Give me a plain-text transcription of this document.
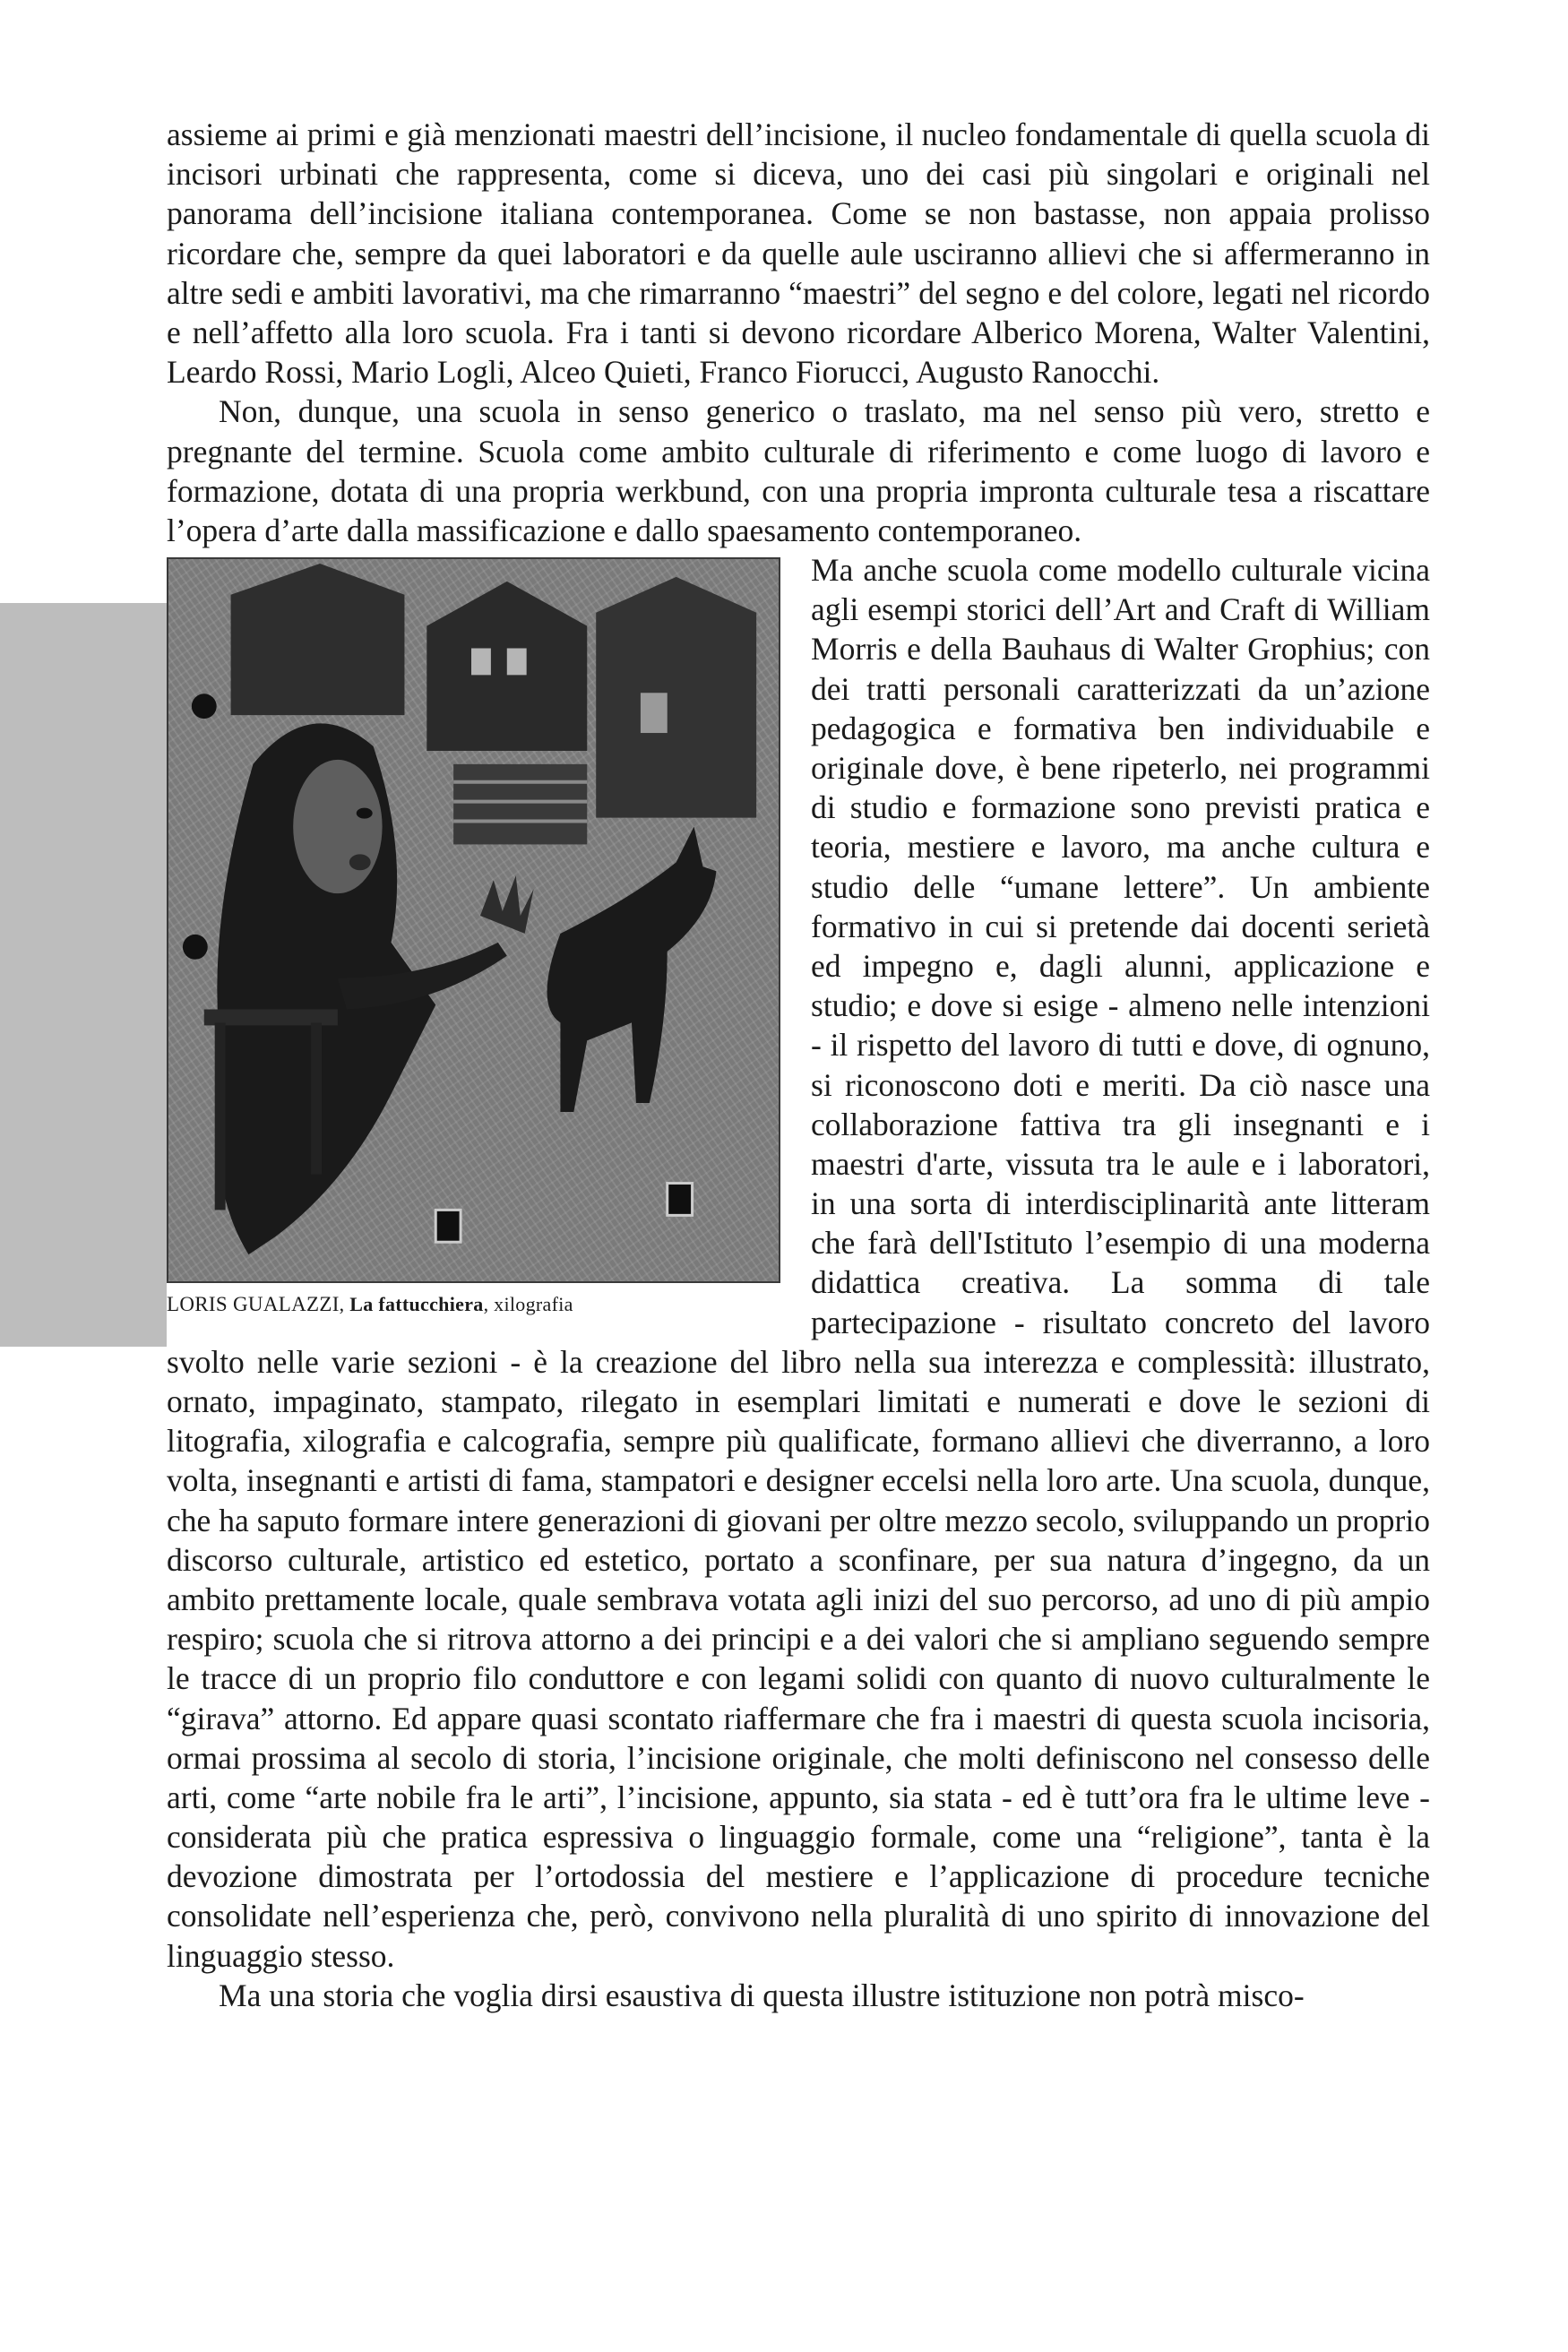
assieme ai primi e già menzionati maestri dell’incisione, il nucleo fondamentale di quella scuola di incisori urbinati che rappresenta, come si diceva, uno dei casi più singolari e originali nel panorama dell’incisione italiana contemporanea. Come se non bastasse, non appaia prolisso ricordare che, sempre da quei laboratori e da quelle aule usciranno allievi che si affermeranno in altre sedi e ambiti lavorativi, ma che rimarranno “maestri” del segno e del colore, legati nel ricordo e nell’affetto alla loro scuola. Fra i tanti si devono ricordare Alberico Morena, Walter Valentini, Leardo Rossi, Mario Logli, Alceo Quieti, Franco Fiorucci, Augusto Ranocchi.

Non, dunque, una scuola in senso generico o traslato, ma nel senso più vero, stretto e pregnante del termine. Scuola come ambito culturale di riferimento e come luogo di lavoro e formazione, dotata di una propria werkbund, con una propria impronta culturale tesa a riscattare l’opera d’arte dalla massificazione e dallo spaesamento contemporaneo.

LORIS GUALAZZI, La fattucchiera, xilografia

Ma anche scuola come modello culturale vicina agli esempi storici dell’Art and Craft di William Morris e della Bauhaus di Walter Grophius; con dei tratti personali caratterizzati da un’azione pedagogica e formativa ben individuabile e originale dove, è bene ripeterlo, nei programmi di studio e formazione sono previsti pratica e teoria, mestiere e lavoro, ma anche cultura e studio delle “umane lettere”. Un ambiente formativo in cui si pretende dai docenti serietà ed impegno e, dagli alunni, applicazione e studio; e dove si esige - almeno nelle intenzioni - il rispetto del lavoro di tutti e dove, di ognuno, si riconoscono doti e meriti. Da ciò nasce una collaborazione fattiva tra gli insegnanti e i maestri d'arte, vissuta tra le aule e i laboratori, in una sorta di interdisciplinarità ante litteram che farà dell'Istituto l’esempio di una moderna didattica creativa. La somma di tale partecipazione - risultato concreto del lavoro svolto nelle varie sezioni - è la creazione del libro nella sua interezza e complessità: illustrato, ornato, impaginato, stampato, rilegato in esemplari limitati e numerati e dove le sezioni di litografia, xilografia e calcografia, sempre più qualificate, formano allievi che diverranno, a loro volta, insegnanti e artisti di fama, stampatori e designer eccelsi nella loro arte. Una scuola, dunque, che ha saputo formare intere generazioni di giovani per oltre mezzo secolo, sviluppando un proprio discorso culturale, artistico ed estetico, portato a sconfinare, per sua natura d’ingegno, da un ambito prettamente locale, quale sembrava votata agli inizi del suo percorso, ad uno di più ampio respiro; scuola che si ritrova attorno a dei principi e a dei valori che si ampliano seguendo sempre le tracce di un proprio filo conduttore e con legami solidi con quanto di nuovo culturalmente le “girava” attorno. Ed appare quasi scontato riaffermare che fra i maestri di questa scuola incisoria, ormai prossima al secolo di storia, l’incisione originale, che molti definiscono nel consesso delle arti, come “arte nobile fra le arti”, l’incisione, appunto, sia stata - ed è tutt’ora fra le ultime leve - considerata più che pratica espressiva o linguaggio formale, come una “religione”, tanta è la devozione dimostrata per l’ortodossia del mestiere e l’applicazione di procedure tecniche consolidate nell’esperienza che, però, convivono nella pluralità di uno spirito di innovazione del linguaggio stesso.

Ma una storia che voglia dirsi esaustiva di questa illustre istituzione non potrà misco-
